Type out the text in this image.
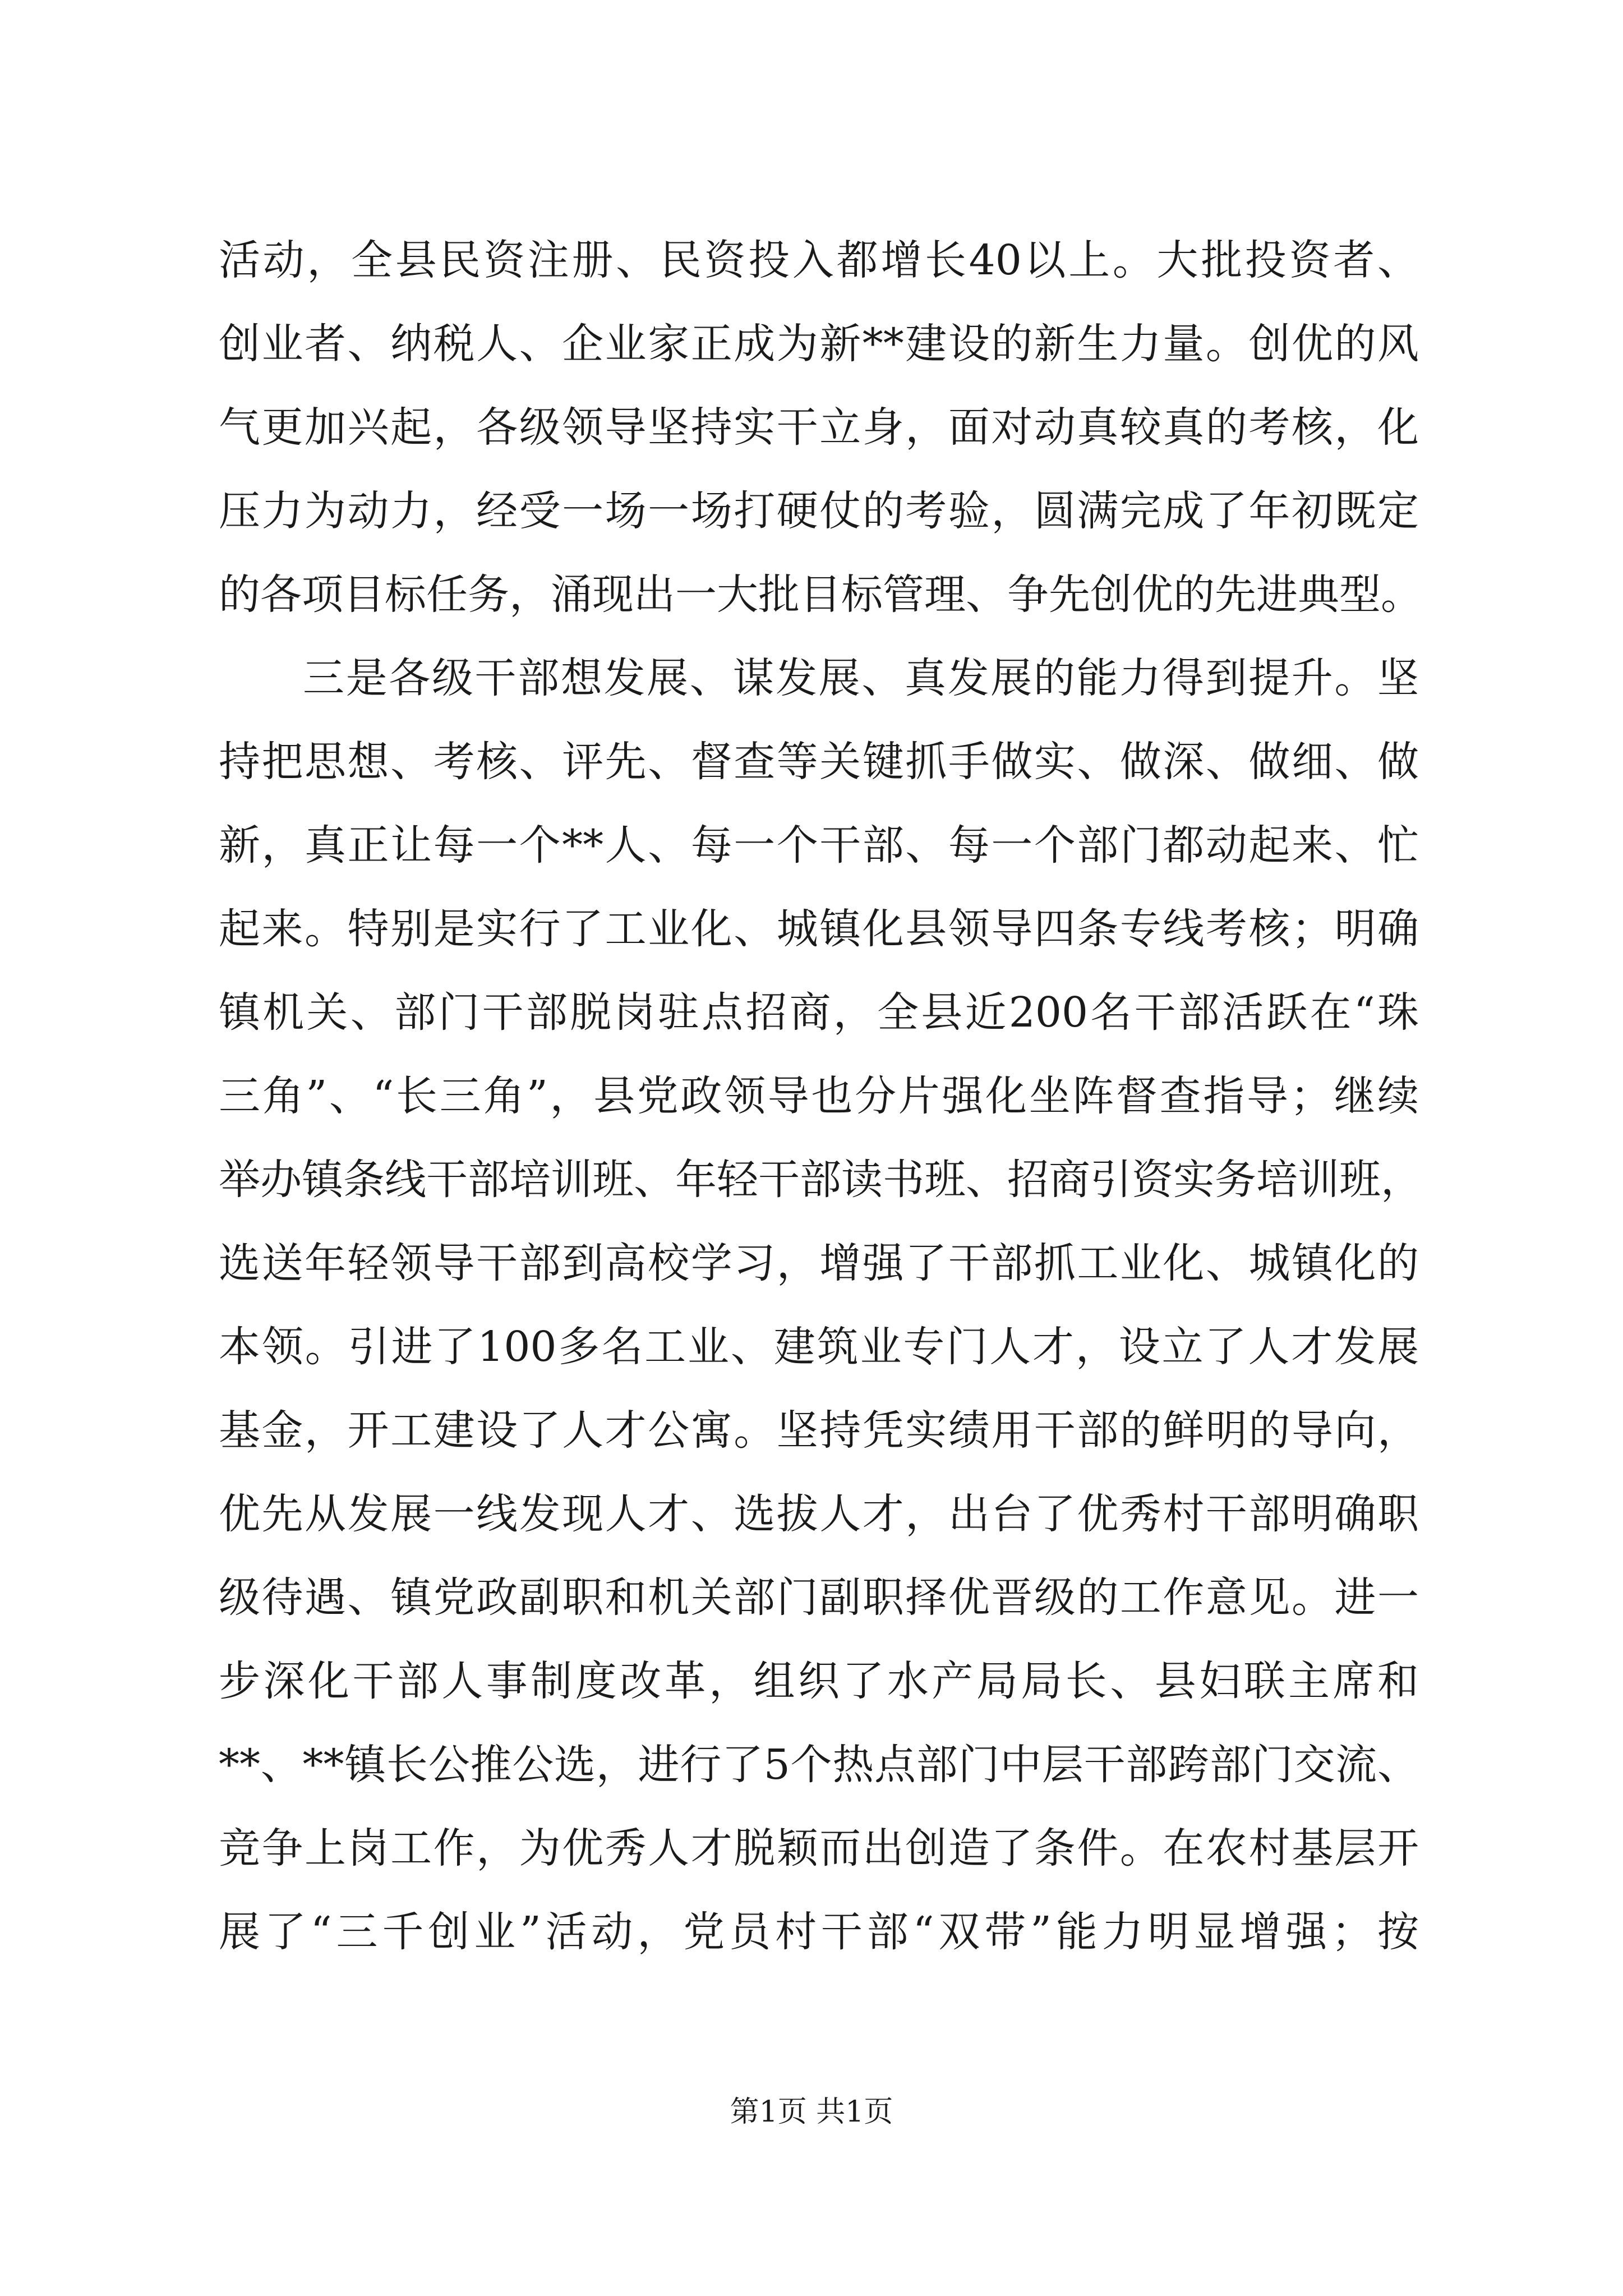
活动，全县民资注册、民资投入都增长40以上。大批投资者、
创业者、纳税人、企业家正成为新**建设的新生力量。创优的风
气更加兴起，各级领导坚持实干立身，面对动真较真的考核，化
压力为动力，经受一场一场打硬仗的考验，圆满完成了年初既定
的各项目标任务，涌现出一大批目标管理、争先创优的先进典型。
三是各级干部想发展、谋发展、真发展的能力得到提升。坚
持把思想、考核、评先、督查等关键抓手做实、做深、做细、做
新，真正让每一个**人、每一个干部、每一个部门都动起来、忙
起来。特别是实行了工业化、城镇化县领导四条专线考核；明确
镇机关、部门干部脱岗驻点招商，全县近200名干部活跃在“珠
三角”、“长三角”，县党政领导也分片强化坐阵督查指导；继续
举办镇条线干部培训班、年轻干部读书班、招商引资实务培训班，
选送年轻领导干部到高校学习，增强了干部抓工业化、城镇化的
本领。引进了100多名工业、建筑业专门人才，设立了人才发展
基金，开工建设了人才公寓。坚持凭实绩用干部的鲜明的导向，
优先从发展一线发现人才、选拔人才，出台了优秀村干部明确职
级待遇、镇党政副职和机关部门副职择优晋级的工作意见。进一
步深化干部人事制度改革，组织了水产局局长、县妇联主席和
**、**镇长公推公选，进行了5个热点部门中层干部跨部门交流、
竞争上岗工作，为优秀人才脱颖而出创造了条件。在农村基层开
展了“三千创业”活动，党员村干部“双带”能力明显增强；按
第1页 共1页
